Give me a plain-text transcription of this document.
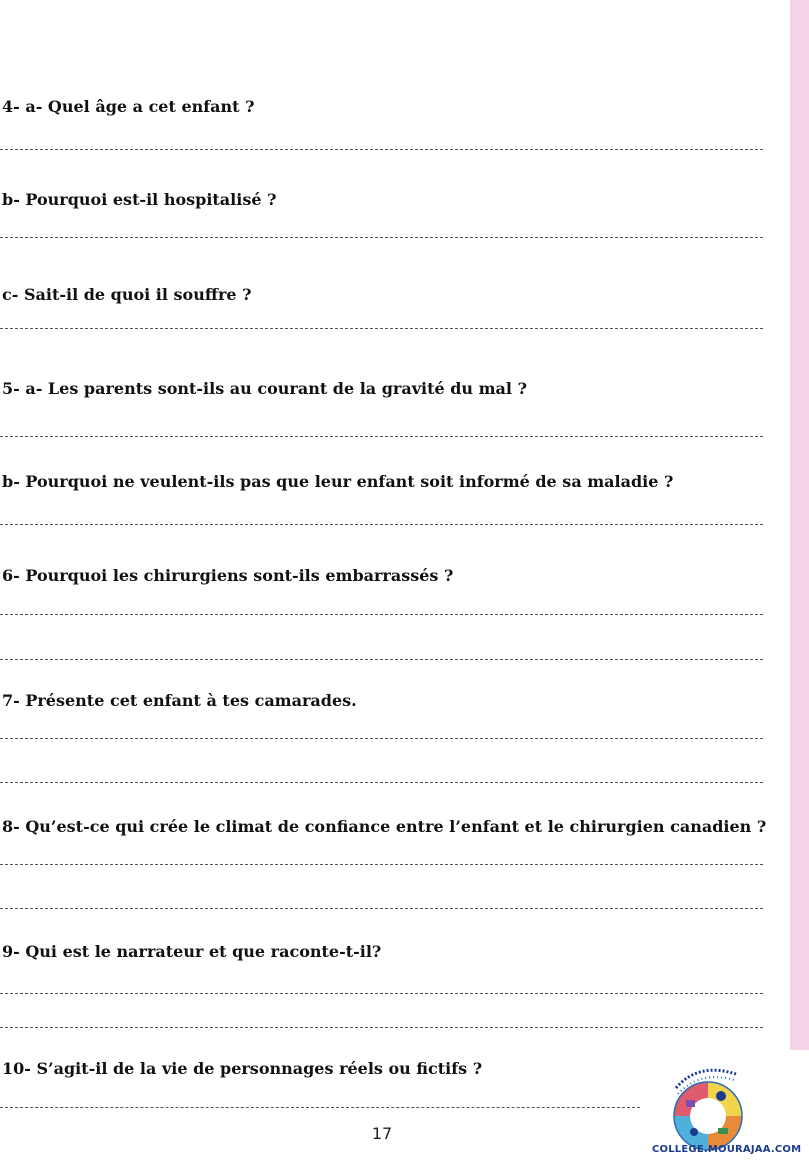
4- a- Quel âge a cet enfant ?
b- Pourquoi est-il hospitalisé ?
c- Sait-il de quoi il souffre ?
5- a- Les parents sont-ils au courant de la gravité du mal ?
b- Pourquoi ne veulent-ils pas que leur enfant soit informé de sa maladie ?
6- Pourquoi les chirurgiens sont-ils embarrassés ?
7- Présente cet enfant à tes camarades.
8- Qu’est-ce qui crée le climat de confiance entre l’enfant et le chirurgien canadien ?
9- Qui est le narrateur et que raconte-t-il?
10- S’agit-il de la vie de personnages réels ou fictifs ?
17
COLLEGE.MOURAJAA.COM
